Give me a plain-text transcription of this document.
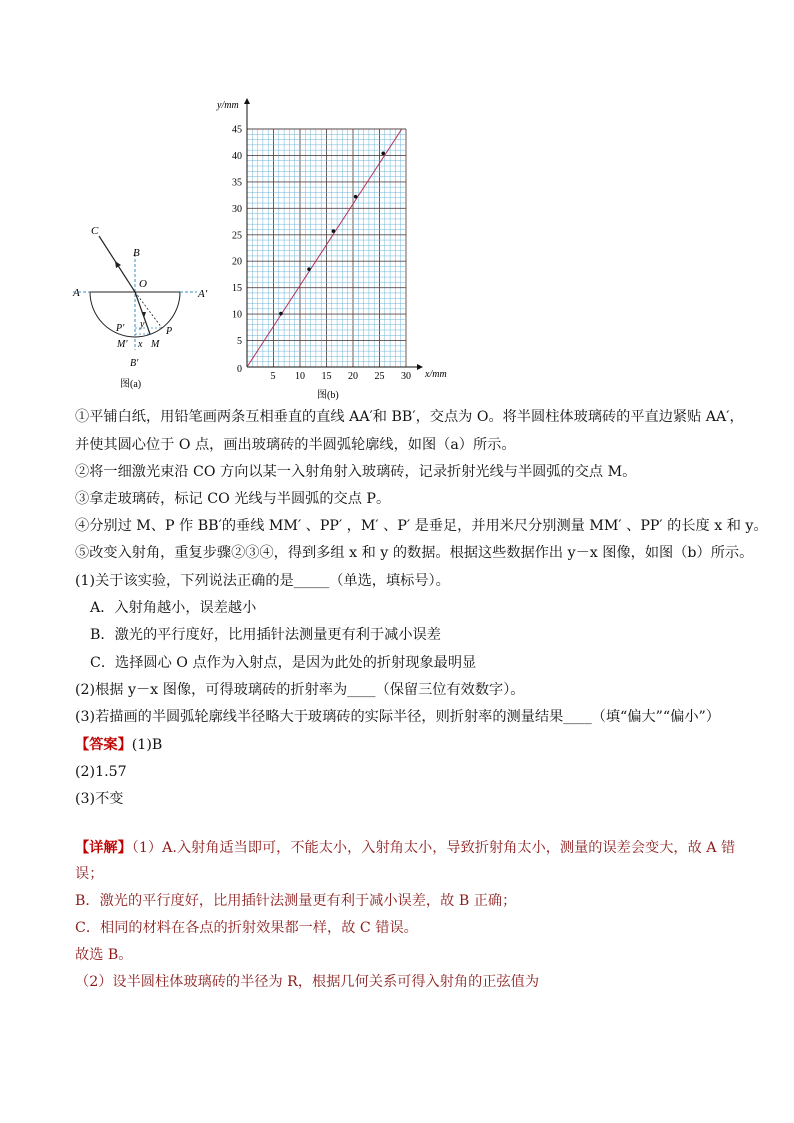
C
B
O
A	A′
P′ y
P
M′ x M
B′
图(a)
y/mm
x/mm
0
5 10 15 20 25 30
5
10
15
20
25
30
35
40
45
图(b)
①平铺白纸，用铅笔画两条互相垂直的直线 AA′和 BB′，交点为 O。将半圆柱体玻璃砖的平直边紧贴 AA′，
并使其圆心位于 O 点，画出玻璃砖的半圆弧轮廓线，如图（a）所示。
②将一细激光束沿 CO 方向以某一入射角射入玻璃砖，记录折射光线与半圆弧的交点 M。
③拿走玻璃砖，标记 CO 光线与半圆弧的交点 P。
④分别过 M、P 作 BB′的垂线 MM′ 、PP′ ，M′ 、P′ 是垂足，并用米尺分别测量 MM′ 、PP′ 的长度 x 和 y。
⑤改变入射角，重复步骤②③④，得到多组 x 和 y 的数据。根据这些数据作出 y－x 图像，如图（b）所示。
(1)关于该实验，下列说法正确的是_____（单选，填标号）。
A．入射角越小，误差越小
B．激光的平行度好，比用插针法测量更有利于减小误差
C．选择圆心 O 点作为入射点，是因为此处的折射现象最明显
(2)根据 y－x 图像，可得玻璃砖的折射率为____（保留三位有效数字）。
(3)若描画的半圆弧轮廓线半径略大于玻璃砖的实际半径，则折射率的测量结果____（填“偏大”“偏小”）
【答案】(1)B
(2)1.57
(3)不变
【详解】（1）A.入射角适当即可，不能太小，入射角太小，导致折射角太小，测量的误差会变大，故 A 错
误；
B．激光的平行度好，比用插针法测量更有利于减小误差，故 B 正确；
C．相同的材料在各点的折射效果都一样，故 C 错误。
故选 B。
（2）设半圆柱体玻璃砖的半径为 R，根据几何关系可得入射角的正弦值为
